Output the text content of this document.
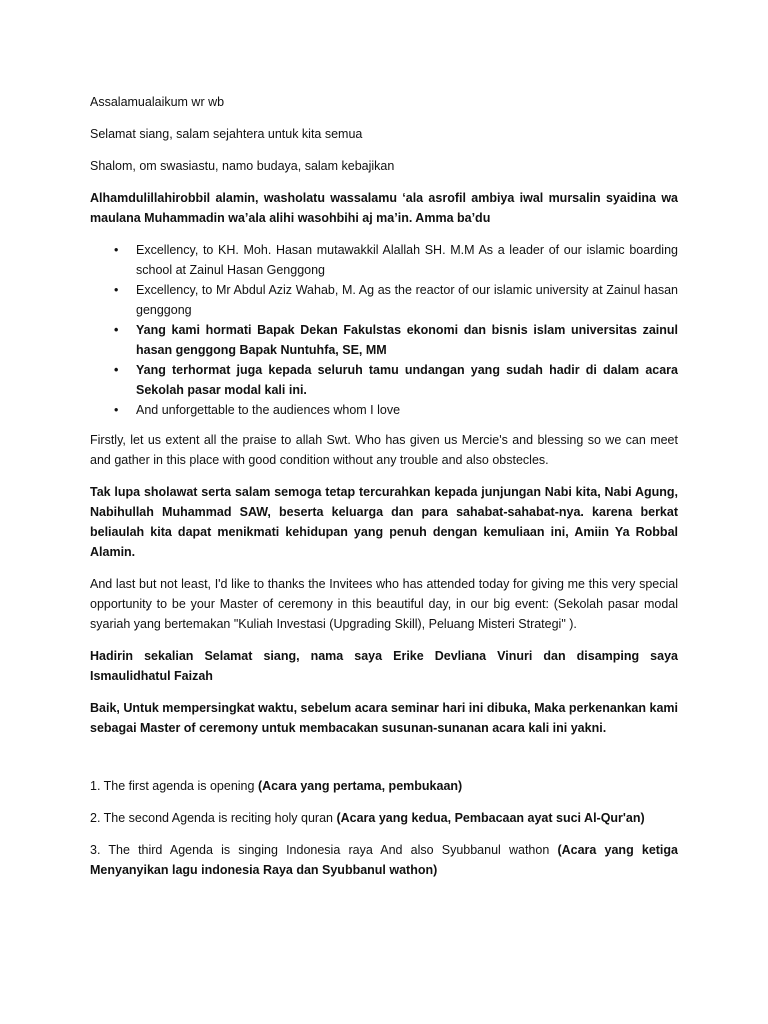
Assalamualaikum wr wb

Selamat siang, salam sejahtera untuk kita semua

Shalom, om swasiastu, namo budaya, salam kebajikan

Alhamdulillahirobbil alamin, washolatu wassalamu ‘ala asrofil ambiya iwal mursalin syaidina wa maulana Muhammadin wa’ala alihi wasohbihi aj ma’in. Amma ba’du

• Excellency, to KH. Moh. Hasan mutawakkil Alallah SH. M.M As a leader of our islamic boarding school at Zainul Hasan Genggong
• Excellency, to Mr Abdul Aziz Wahab, M. Ag as the reactor of our islamic university at Zainul hasan genggong
• Yang kami hormati Bapak Dekan Fakulstas ekonomi dan bisnis islam universitas zainul hasan genggong Bapak Nuntuhfa, SE, MM
• Yang terhormat juga kepada seluruh tamu undangan yang sudah hadir di dalam acara Sekolah pasar modal kali ini.
• And unforgettable to the audiences whom I love

Firstly, let us extent all the praise to allah Swt. Who has given us Mercie's and blessing so we can meet and gather in this place with good condition without any trouble and also obsteсles.

Tak lupa sholawat serta salam semoga tetap tercurahkan kepada junjungan Nabi kita, Nabi Agung, Nabihullah Muhammad SAW, beserta keluarga dan para sahabat-sahabat-nya. karena berkat beliaulah kita dapat menikmati kehidupan yang penuh dengan kemuliaan ini, Amiin Ya Robbal Alamin.

And last but not least, I'd like to thanks the Invitees who has attended today for giving me this very special opportunity to be your Master of ceremony in this beautiful day, in our big event: (Sekolah pasar modal syariah yang bertemakan "Kuliah Investasi (Upgrading Skill), Peluang Misteri Strategi" ).

Hadirin sekalian Selamat siang, nama saya Erike Devliana Vinuri dan disamping saya Ismaulidhatul Faizah

Baik, Untuk mempersingkat waktu, sebelum acara seminar hari ini dibuka, Maka perkenankan kami sebagai Master of ceremony untuk membacakan susunan-sunanan acara kali ini yakni.

1. The first agenda is opening (Acara yang pertama, pembukaan)

2. The second Agenda is reciting holy quran (Acara yang kedua, Pembacaan ayat suci Al-Qur'an)

3. The third Agenda is singing Indonesia raya And also Syubbanul wathon (Acara yang ketiga Menyanyikan lagu indonesia Raya dan Syubbanul wathon)
